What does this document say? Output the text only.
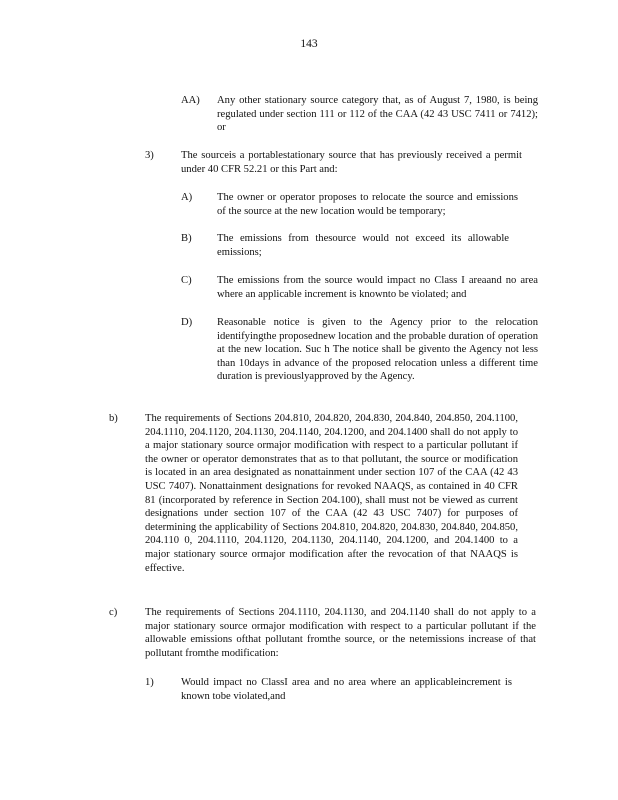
143
AA) Any other stationary source category that, as of August 7, 1980, is being regulated under section 111 or 112 of the CAA (42 43 USC 7411 or 7412); or
3)	The sourceis a portablestationary source that has previously received a permit under 40 CFR 52.21 or this Part and:
A) The owner or operator proposes to relocate the source and emissions of the source at the new location would be temporary;
B) The emissions from thesource would not exceed its allowable emissions;
C) The emissions from the source would impact no Class I areaand no area where an applicable increment is knownto be violated; and
D) Reasonable notice is given to the Agency prior to the relocation identifyingthe proposednew location and the probable duration of operation at the new location. Suc h The notice shall be givento the Agency not less than 10days in advance of the proposed relocation unless a different time duration is previouslyapproved by the Agency.
b)	The requirements of Sections 204.810, 204.820, 204.830, 204.840, 204.850, 204.1100, 204.1110, 204.1120, 204.1130, 204.1140, 204.1200, and 204.1400 shall do not apply to a major stationary source ormajor modification with respect to a particular pollutant if the owner or operator demonstrates that as to that pollutant, the source or modification is located in an area designated as nonattainment under section 107 of the CAA (42 43 USC 7407). Nonattainment designations for revoked NAAQS, as contained in 40 CFR 81 (incorporated by reference in Section 204.100), shall must not be viewed as current designations under section 107 of the CAA (42 43 USC 7407) for purposes of determining the applicability of Sections 204.810, 204.820, 204.830, 204.840, 204.850, 204.110 0, 204.1110, 204.1120, 204.1130, 204.1140, 204.1200, and 204.1400 to a major stationary source ormajor modification after the revocation of that NAAQS is effective.
c)	The requirements of Sections 204.1110, 204.1130, and 204.1140 shall do not apply to a major stationary source ormajor modification with respect to a particular pollutant if the allowable emissions ofthat pollutant fromthe source, or the netemissions increase of that pollutant fromthe modification:
1)	Would impact no ClassI area and no area where an applicableincrement is known tobe violated,and
